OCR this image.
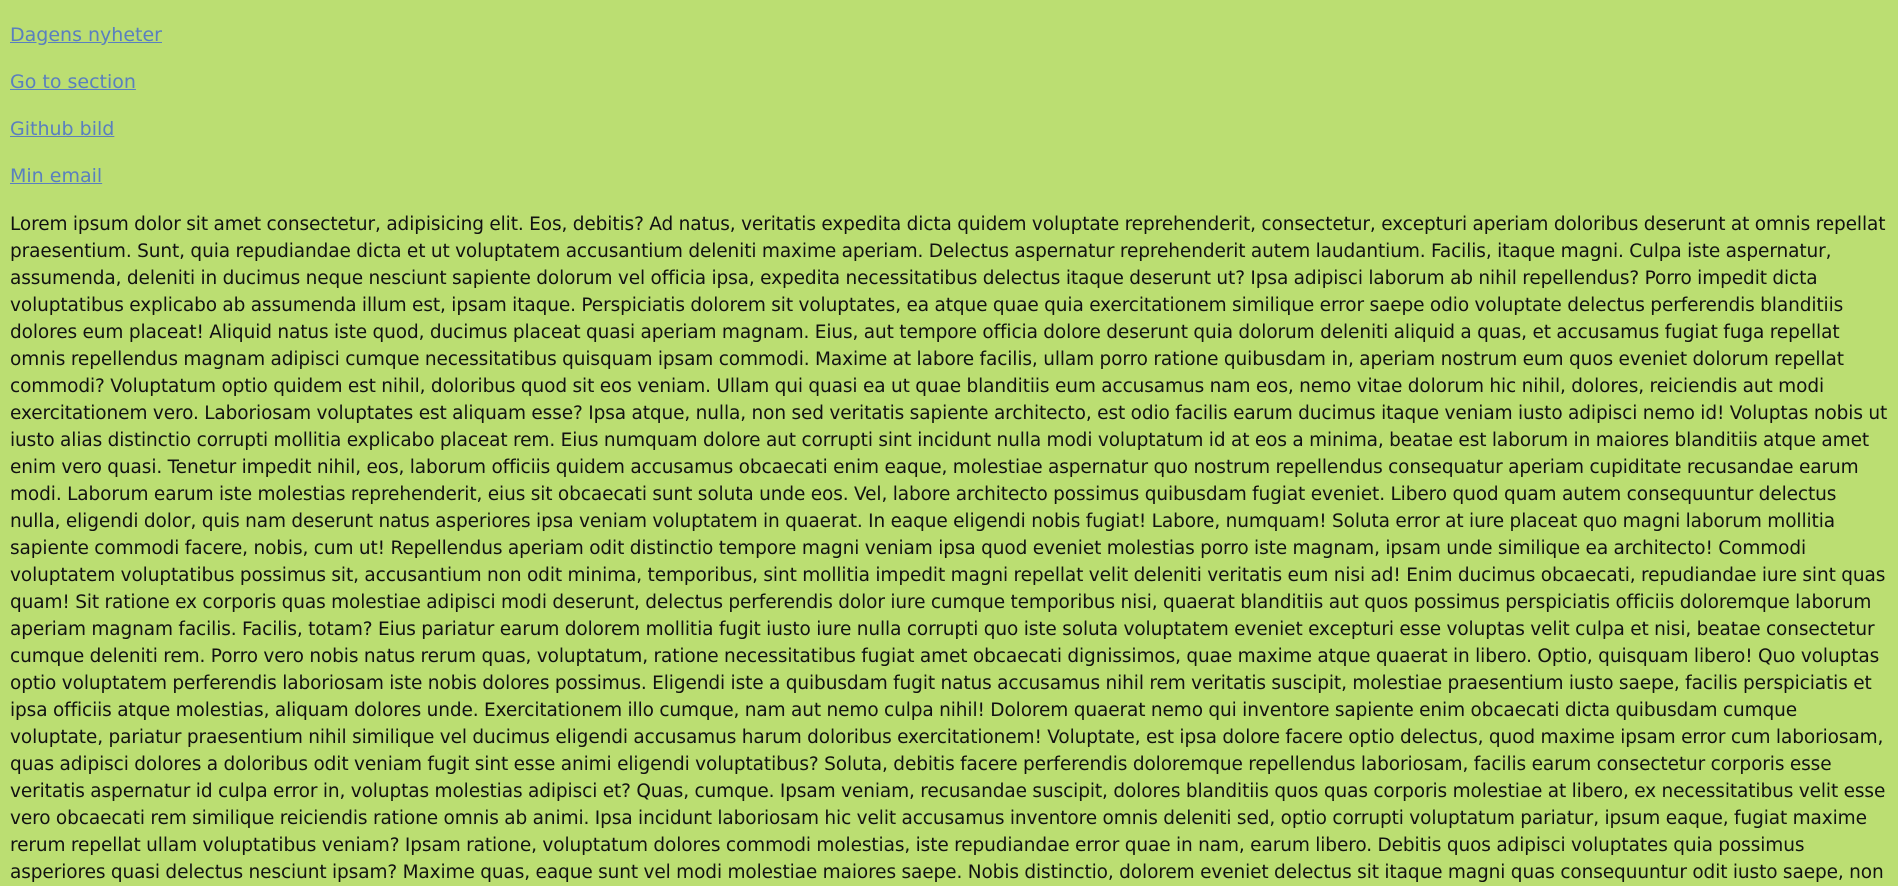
Dagens nyheter

Go to section

Github bild

Min email

Lorem ipsum dolor sit amet consectetur, adipisicing elit. Eos, debitis? Ad natus, veritatis expedita dicta quidem voluptate reprehenderit, consectetur, excepturi aperiam doloribus deserunt at omnis repellat praesentium. Sunt, quia repudiandae dicta et ut voluptatem accusantium deleniti maxime aperiam. Delectus aspernatur reprehenderit autem laudantium. Facilis, itaque magni. Culpa iste aspernatur, assumenda, deleniti in ducimus neque nesciunt sapiente dolorum vel officia ipsa, expedita necessitatibus delectus itaque deserunt ut? Ipsa adipisci laborum ab nihil repellendus? Porro impedit dicta voluptatibus explicabo ab assumenda illum est, ipsam itaque. Perspiciatis dolorem sit voluptates, ea atque quae quia exercitationem similique error saepe odio voluptate delectus perferendis blanditiis dolores eum placeat! Aliquid natus iste quod, ducimus placeat quasi aperiam magnam. Eius, aut tempore officia dolore deserunt quia dolorum deleniti aliquid a quas, et accusamus fugiat fuga repellat omnis repellendus magnam adipisci cumque necessitatibus quisquam ipsam commodi. Maxime at labore facilis, ullam porro ratione quibusdam in, aperiam nostrum eum quos eveniet dolorum repellat commodi? Voluptatum optio quidem est nihil, doloribus quod sit eos veniam. Ullam qui quasi ea ut quae blanditiis eum accusamus nam eos, nemo vitae dolorum hic nihil, dolores, reiciendis aut modi exercitationem vero. Laboriosam voluptates est aliquam esse? Ipsa atque, nulla, non sed veritatis sapiente architecto, est odio facilis earum ducimus itaque veniam iusto adipisci nemo id! Voluptas nobis ut iusto alias distinctio corrupti mollitia explicabo placeat rem. Eius numquam dolore aut corrupti sint incidunt nulla modi voluptatum id at eos a minima, beatae est laborum in maiores blanditiis atque amet enim vero quasi. Tenetur impedit nihil, eos, laborum officiis quidem accusamus obcaecati enim eaque, molestiae aspernatur quo nostrum repellendus consequatur aperiam cupiditate recusandae earum modi. Laborum earum iste molestias reprehenderit, eius sit obcaecati sunt soluta unde eos. Vel, labore architecto possimus quibusdam fugiat eveniet. Libero quod quam autem consequuntur delectus nulla, eligendi dolor, quis nam deserunt natus asperiores ipsa veniam voluptatem in quaerat. In eaque eligendi nobis fugiat! Labore, numquam! Soluta error at iure placeat quo magni laborum mollitia sapiente commodi facere, nobis, cum ut! Repellendus aperiam odit distinctio tempore magni veniam ipsa quod eveniet molestias porro iste magnam, ipsam unde similique ea architecto! Commodi voluptatem voluptatibus possimus sit, accusantium non odit minima, temporibus, sint mollitia impedit magni repellat velit deleniti veritatis eum nisi ad! Enim ducimus obcaecati, repudiandae iure sint quas quam! Sit ratione ex corporis quas molestiae adipisci modi deserunt, delectus perferendis dolor iure cumque temporibus nisi, quaerat blanditiis aut quos possimus perspiciatis officiis doloremque laborum aperiam magnam facilis. Facilis, totam? Eius pariatur earum dolorem mollitia fugit iusto iure nulla corrupti quo iste soluta voluptatem eveniet excepturi esse voluptas velit culpa et nisi, beatae consectetur cumque deleniti rem. Porro vero nobis natus rerum quas, voluptatum, ratione necessitatibus fugiat amet obcaecati dignissimos, quae maxime atque quaerat in libero. Optio, quisquam libero! Quo voluptas optio voluptatem perferendis laboriosam iste nobis dolores possimus. Eligendi iste a quibusdam fugit natus accusamus nihil rem veritatis suscipit, molestiae praesentium iusto saepe, facilis perspiciatis et ipsa officiis atque molestias, aliquam dolores unde. Exercitationem illo cumque, nam aut nemo culpa nihil! Dolorem quaerat nemo qui inventore sapiente enim obcaecati dicta quibusdam cumque voluptate, pariatur praesentium nihil similique vel ducimus eligendi accusamus harum doloribus exercitationem! Voluptate, est ipsa dolore facere optio delectus, quod maxime ipsam error cum laboriosam, quas adipisci dolores a doloribus odit veniam fugit sint esse animi eligendi voluptatibus? Soluta, debitis facere perferendis doloremque repellendus laboriosam, facilis earum consectetur corporis esse veritatis aspernatur id culpa error in, voluptas molestias adipisci et? Quas, cumque. Ipsam veniam, recusandae suscipit, dolores blanditiis quos quas corporis molestiae at libero, ex necessitatibus velit esse vero obcaecati rem similique reiciendis ratione omnis ab animi. Ipsa incidunt laboriosam hic velit accusamus inventore omnis deleniti sed, optio corrupti voluptatum pariatur, ipsum eaque, fugiat maxime rerum repellat ullam voluptatibus veniam? Ipsam ratione, voluptatum dolores commodi molestias, iste repudiandae error quae in nam, earum libero. Debitis quos adipisci voluptates quia possimus asperiores quasi delectus nesciunt ipsam? Maxime quas, eaque sunt vel modi molestiae maiores saepe. Nobis distinctio, dolorem eveniet delectus sit itaque magni quas consequuntur odit iusto saepe, non
